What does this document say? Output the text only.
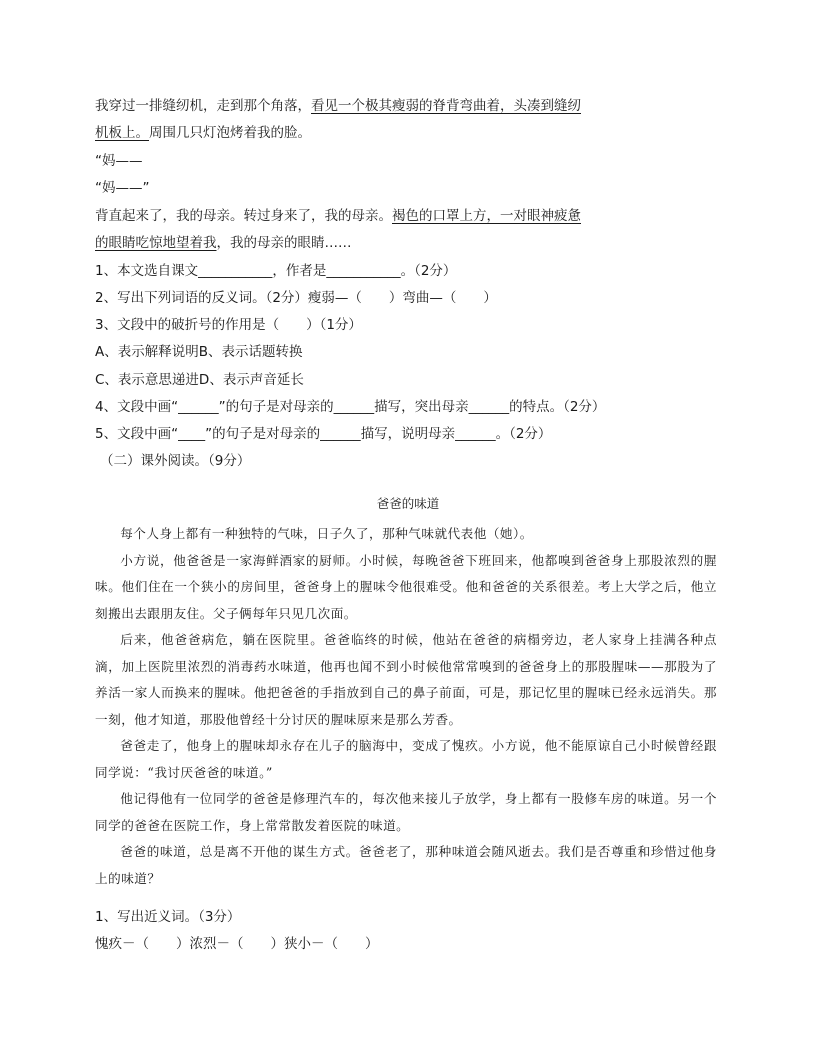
我穿过一排缝纫机，走到那个角落，看见一个极其瘦弱的脊背弯曲着，头凑到缝纫
机板上。周围几只灯泡烤着我的脸。
“妈——
“妈——”
背直起来了，我的母亲。转过身来了，我的母亲。褐色的口罩上方，一对眼神疲惫
的眼睛吃惊地望着我，我的母亲的眼睛……
1、本文选自课文___________，作者是___________。（2分）
2、写出下列词语的反义词。（2分）瘦弱—（　　）弯曲—（　　）
3、文段中的破折号的作用是（　　）（1分）
A、表示解释说明B、表示话题转换
C、表示意思递进D、表示声音延长
4、文段中画“______”的句子是对母亲的______描写，突出母亲______的特点。（2分）
5、文段中画“____”的句子是对母亲的______描写，说明母亲______。（2分）
（二）课外阅读。（9分）
爸爸的味道

每个人身上都有一种独特的气味，日子久了，那种气味就代表他（她）。

小方说，他爸爸是一家海鲜酒家的厨师。小时候，每晚爸爸下班回来，他都嗅到爸爸身上那股浓烈的腥味。他们住在一个狭小的房间里，爸爸身上的腥味令他很难受。他和爸爸的关系很差。考上大学之后，他立刻搬出去跟朋友住。父子俩每年只见几次面。

后来，他爸爸病危，躺在医院里。爸爸临终的时候，他站在爸爸的病榻旁边，老人家身上挂满各种点滴，加上医院里浓烈的消毒药水味道，他再也闻不到小时候他常常嗅到的爸爸身上的那股腥味——那股为了养活一家人而换来的腥味。他把爸爸的手指放到自己的鼻子前面，可是，那记忆里的腥味已经永远消失。那一刻，他才知道，那股他曾经十分讨厌的腥味原来是那么芳香。

爸爸走了，他身上的腥味却永存在儿子的脑海中，变成了愧疚。小方说，他不能原谅自己小时候曾经跟同学说：“我讨厌爸爸的味道。”

他记得他有一位同学的爸爸是修理汽车的，每次他来接儿子放学，身上都有一股修车房的味道。另一个同学的爸爸在医院工作，身上常常散发着医院的味道。

爸爸的味道，总是离不开他的谋生方式。爸爸老了，那种味道会随风逝去。我们是否尊重和珍惜过他身上的味道？

1、写出近义词。（3分）
愧疚－（　　）浓烈－（　　）狭小－（　　）
